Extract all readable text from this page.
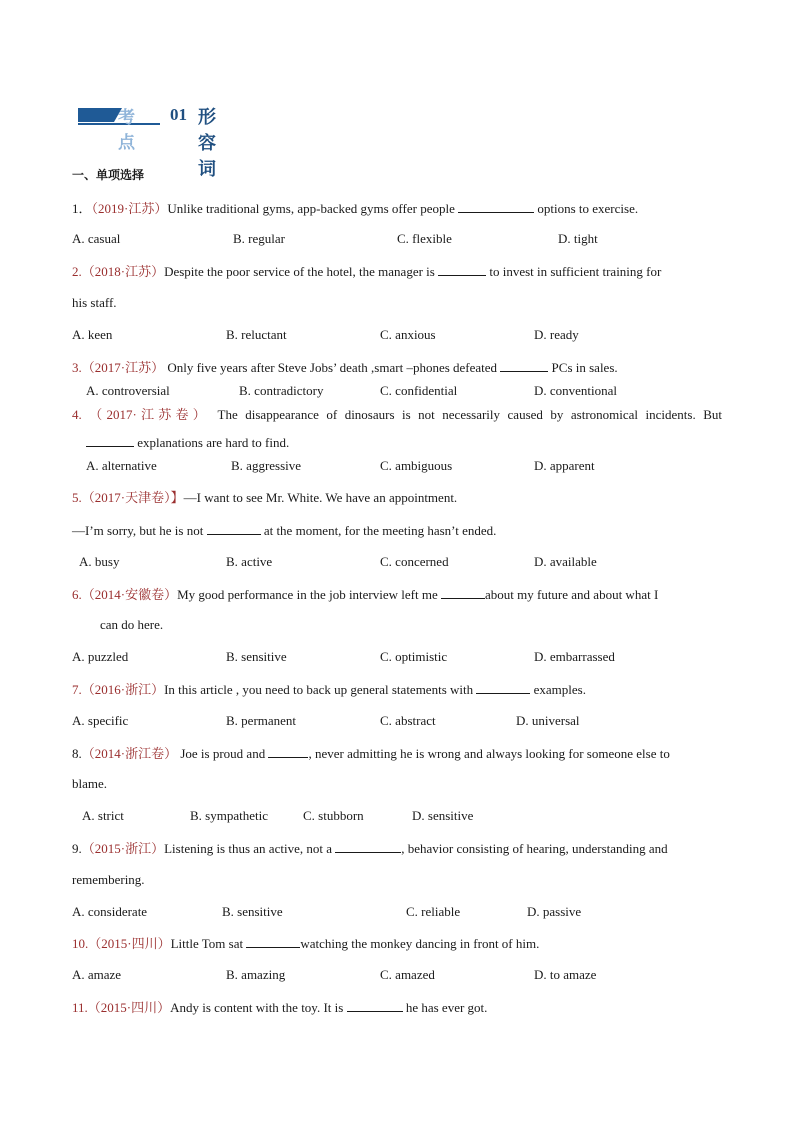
考点
01 形容词
一、单项选择
1．（2019·江苏）Unlike traditional gyms, app-backed gyms offer people	options to exercise.
A. casual	B. regular	C. flexible	D. tight
2.（2018·江苏）Despite the poor service of the hotel, the manager is	to invest in sufficient training for
his staff.
A. keen	B. reluctant	C. anxious	D. ready
3.（2017·江苏） Only five years after Steve Jobs’ death ,smart –phones defeated	PCs in sales.
A. controversial	B. contradictory	C. confidential	D. conventional
4. （2017·江苏卷） The disappearance of dinosaurs is not necessarily caused by astronomical incidents. But
explanations are hard to find.
A. alternative	B. aggressive	C. ambiguous	D. apparent
5.（2017·天津卷）】—I want to see Mr. White. We have an appointment.
—I’m sorry, but he is not	at the moment, for the meeting hasn’t ended.
A. busy	B. active	C. concerned	D. available
6.（2014·安徽卷）My good performance in the job interview left me	about my future and about what I
can do here.
A. puzzled	B. sensitive	C. optimistic	D. embarrassed
7.（2016·浙江）In this article , you need to back up general statements with	examples.
A. specific	B. permanent	C. abstract	D. universal
8.（2014·浙江卷） Joe is proud and	, never admitting he is wrong and always looking for someone else to
blame.
A. strict	B. sympathetic	C. stubborn	D. sensitive
9.（2015·浙江）Listening is thus an active, not a	, behavior consisting of hearing, understanding and
remembering.
A. considerate	B. sensitive	C. reliable	D. passive
10.（2015·四川）Little Tom sat	watching the monkey dancing in front of him.
A. amaze	B. amazing	C. amazed	D. to amaze
11.（2015·四川）Andy is content with the toy. It is	he has ever got.
